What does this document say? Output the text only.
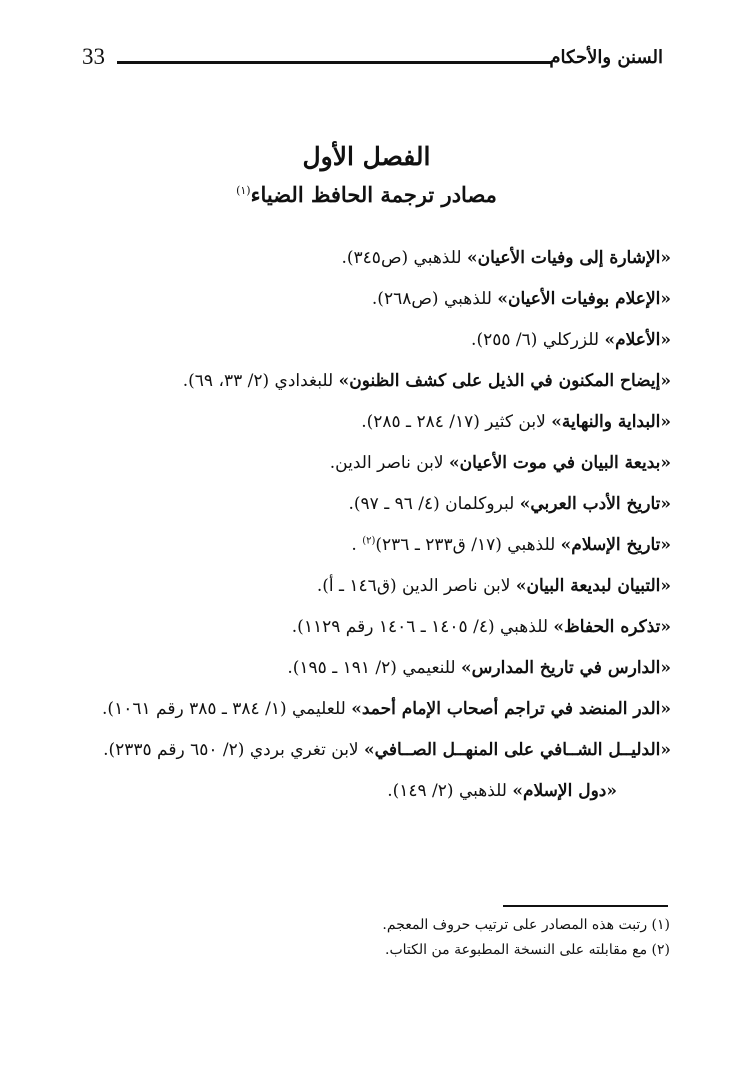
33	السنن والأحكام
الفصل الأول
مصادر ترجمة الحافظ الضياء$^{(١)}$
«الإشارة إلى وفيات الأعيان» للذهبي (ص٣٤٥).
«الإعلام بوفيات الأعيان» للذهبي (ص٢٦٨).
«الأعلام» للزركلي (٦/ ٢٥٥).
«إيضاح المكنون في الذيل على كشف الظنون» للبغدادي (٢/ ٣٣، ٦٩).
«البداية والنهاية» لابن كثير (١٧/ ٢٨٤ ـ ٢٨٥).
«بديعة البيان في موت الأعيان» لابن ناصر الدين.
«تاريخ الأدب العربي» لبروكلمان (٤/ ٩٦ ـ ٩٧).
«تاريخ الإسلام» للذهبي (١٧/ ق٢٣٣ ـ ٢٣٦)$^{(٢)}$ .
«التبيان لبديعة البيان» لابن ناصر الدين (ق١٤٦ ـ أ).
«تذكره الحفاظ» للذهبي (٤/ ١٤٠٥ ـ ١٤٠٦ رقم ١١٢٩).
«الدارس في تاريخ المدارس» للنعيمي (٢/ ١٩١ ـ ١٩٥).
«الدر المنضد في تراجم أصحاب الإمام أحمد» للعليمي (١/ ٣٨٤ ـ ٣٨٥ رقم ١٠٦١).
«الدليــل الشــافي على المنهــل الصــافي» لابن تغري بردي (٢/ ٦٥٠ رقم ٢٣٣٥).
«دول الإسلام» للذهبي (٢/ ١٤٩).
(١) رتبت هذه المصادر على ترتيب حروف المعجم.
(٢) مع مقابلته على النسخة المطبوعة من الكتاب.
